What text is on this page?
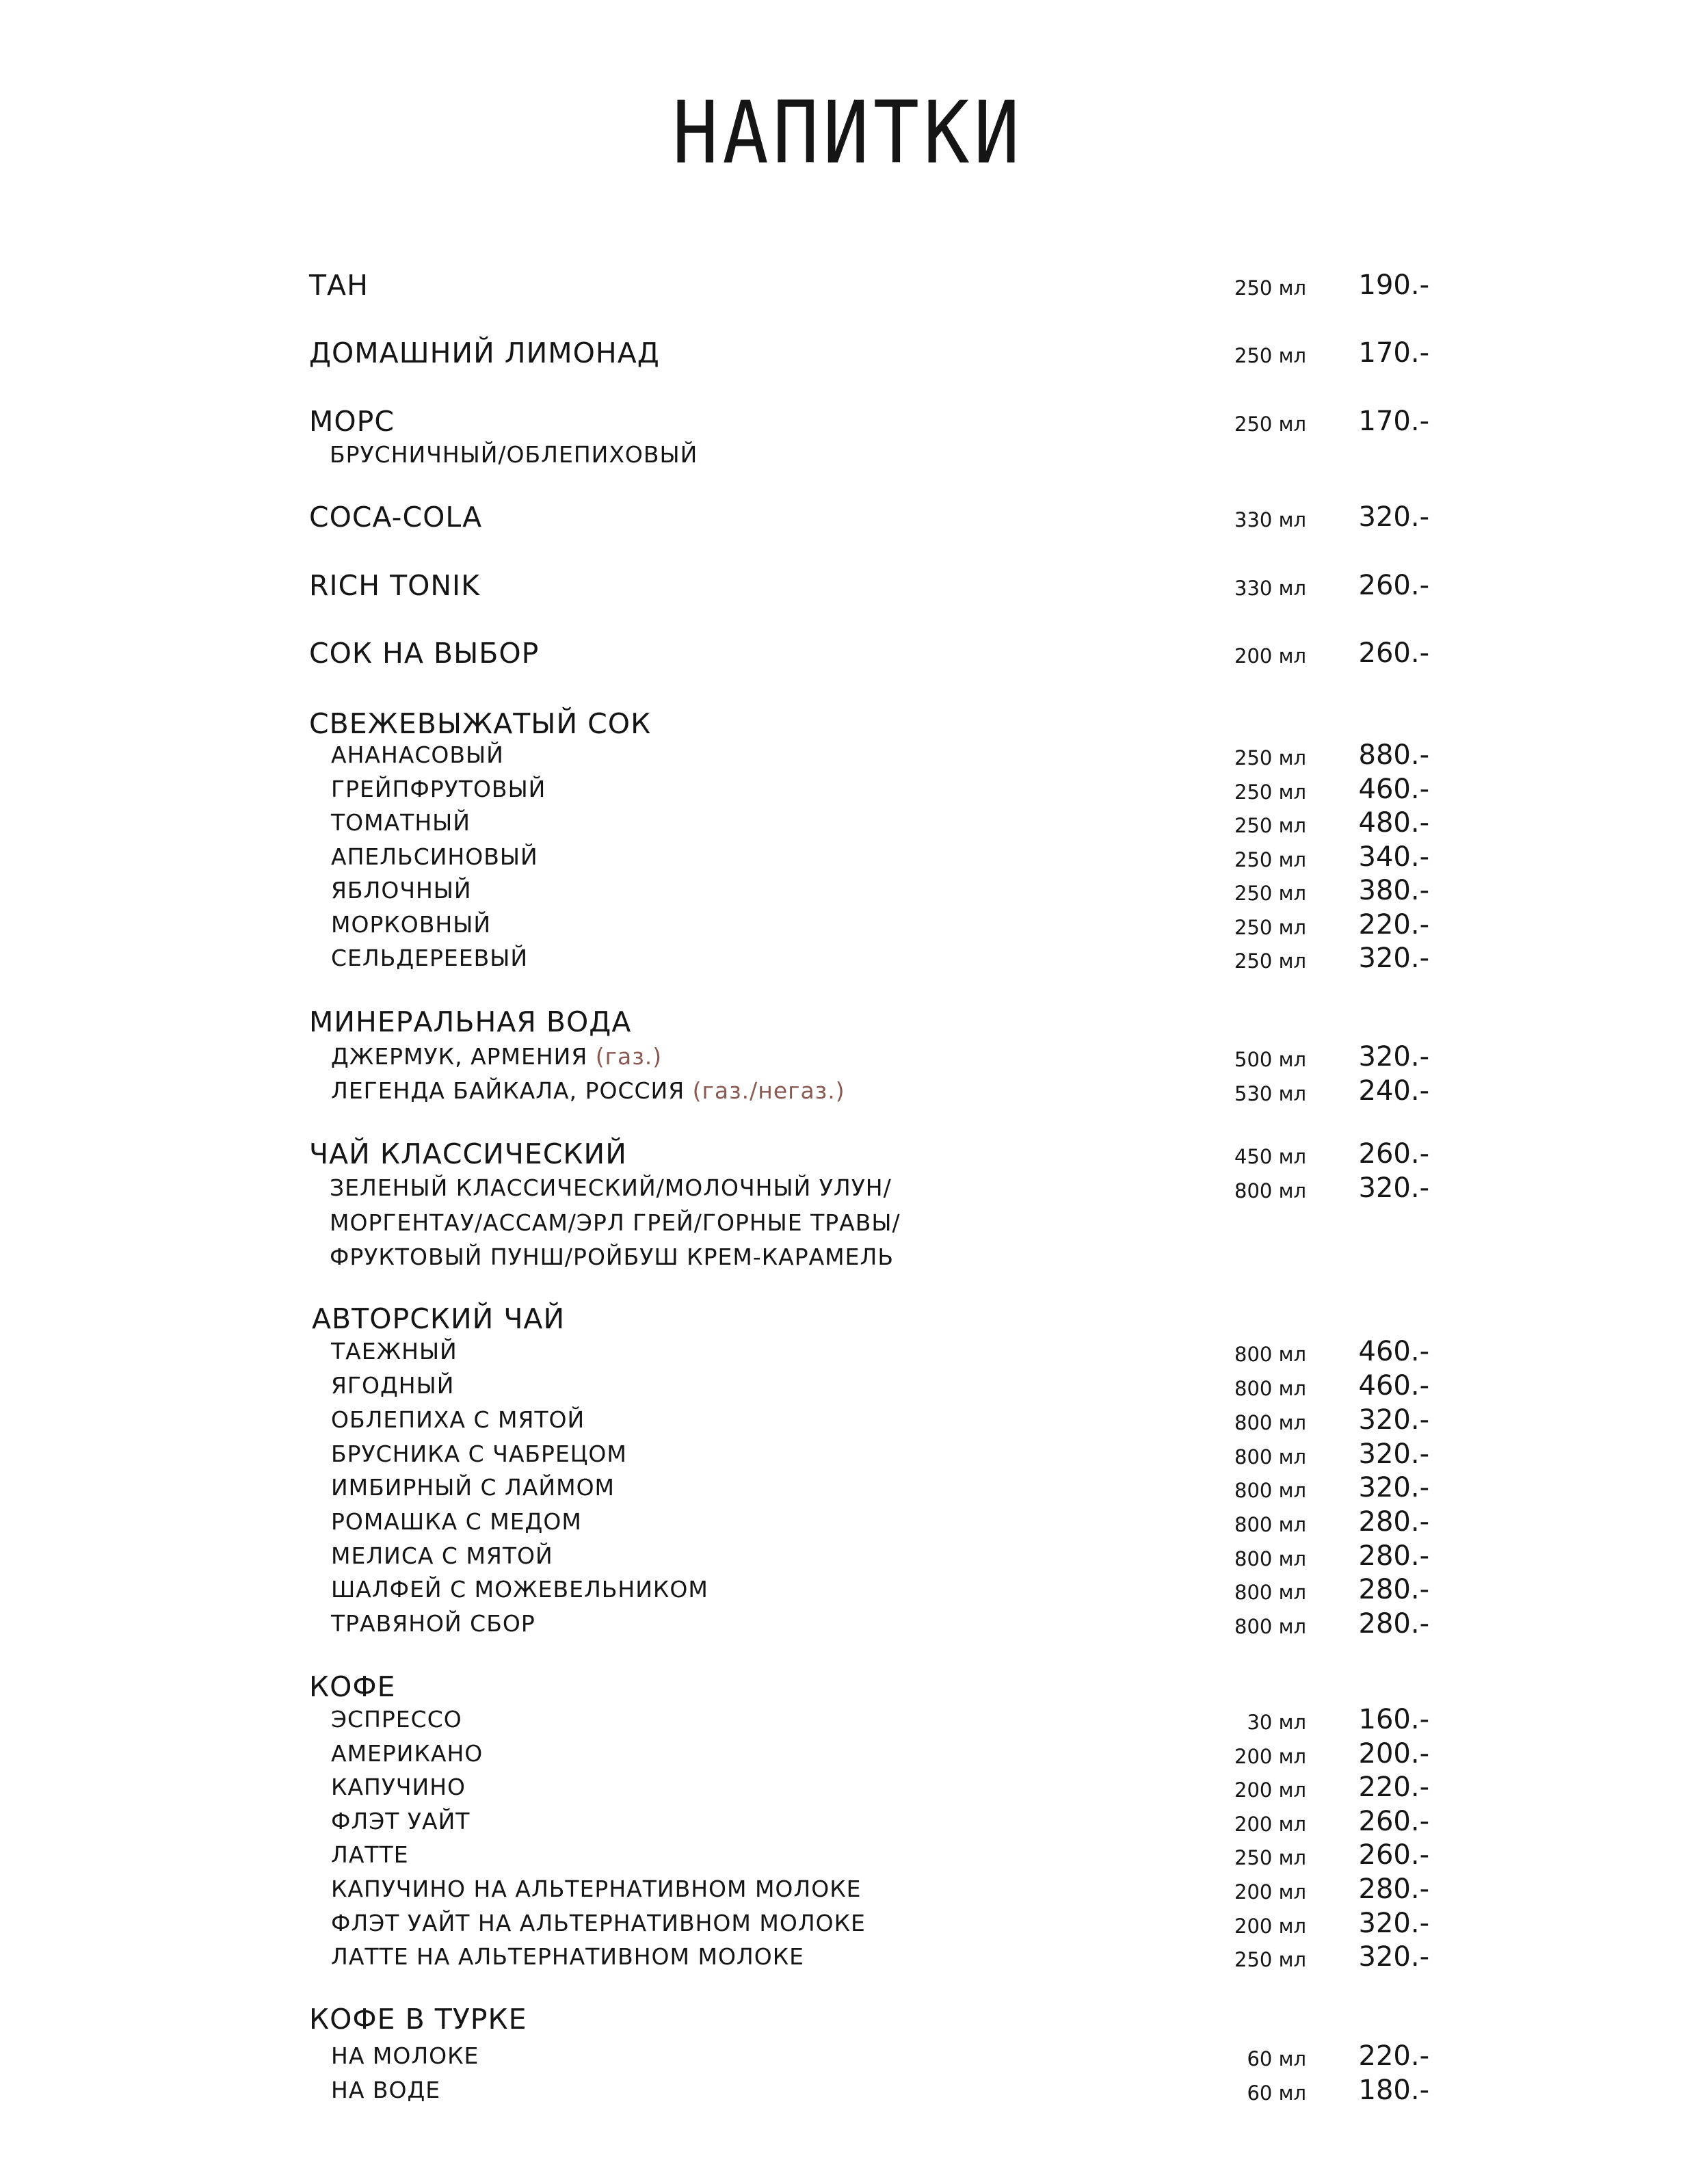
НАПИТКИ
ТАН	250 мл 190.-
ДОМАШНИЙ ЛИМОНАД	250 мл 170.-
МОРС	250 мл 170.-
БРУСНИЧНЫЙ/ОБЛЕПИХОВЫЙ
COCA-COLA	330 мл 320.-
RICH TONIK	330 мл 260.-
СОК НА ВЫБОР	200 мл 260.-
СВЕЖЕВЫЖАТЫЙ СОК
АНАНАСОВЫЙ	250 мл 880.-
ГРЕЙПФРУТОВЫЙ	250 мл 460.-
ТОМАТНЫЙ	250 мл 480.-
АПЕЛЬСИНОВЫЙ	250 мл 340.-
ЯБЛОЧНЫЙ	250 мл 380.-
МОРКОВНЫЙ	250 мл 220.-
СЕЛЬДЕРЕЕВЫЙ	250 мл 320.-
МИНЕРАЛЬНАЯ ВОДА
ДЖЕРМУК, АРМЕНИЯ (газ.)	500 мл 320.-
ЛЕГЕНДА БАЙКАЛА, РОССИЯ (газ./негаз.)	530 мл 240.-
ЧАЙ КЛАССИЧЕСКИЙ	450 мл 260.-
ЗЕЛЕНЫЙ КЛАССИЧЕСКИЙ/МОЛОЧНЫЙ УЛУН/	800 мл 320.-
МОРГЕНТАУ/АССАМ/ЭРЛ ГРЕЙ/ГОРНЫЕ ТРАВЫ/
ФРУКТОВЫЙ ПУНШ/РОЙБУШ КРЕМ-КАРАМЕЛЬ
АВТОРСКИЙ ЧАЙ
ТАЕЖНЫЙ	800 мл 460.-
ЯГОДНЫЙ	800 мл 460.-
ОБЛЕПИХА С МЯТОЙ	800 мл 320.-
БРУСНИКА С ЧАБРЕЦОМ	800 мл 320.-
ИМБИРНЫЙ С ЛАЙМОМ	800 мл 320.-
РОМАШКА С МЕДОМ	800 мл 280.-
МЕЛИСА С МЯТОЙ	800 мл 280.-
ШАЛФЕЙ С МОЖЕВЕЛЬНИКОМ	800 мл 280.-
ТРАВЯНОЙ СБОР	800 мл 280.-
КОФЕ
ЭСПРЕССО	30 мл 160.-
АМЕРИКАНО	200 мл 200.-
КАПУЧИНО	200 мл 220.-
ФЛЭТ УАЙТ	200 мл 260.-
ЛАТТЕ	250 мл 260.-
КАПУЧИНО НА АЛЬТЕРНАТИВНОМ МОЛОКЕ	200 мл 280.-
ФЛЭТ УАЙТ НА АЛЬТЕРНАТИВНОМ МОЛОКЕ	200 мл 320.-
ЛАТТЕ НА АЛЬТЕРНАТИВНОМ МОЛОКЕ	250 мл 320.-
КОФЕ В ТУРКЕ
НА МОЛОКЕ	60 мл 220.-
НА ВОДЕ	60 мл 180.-
